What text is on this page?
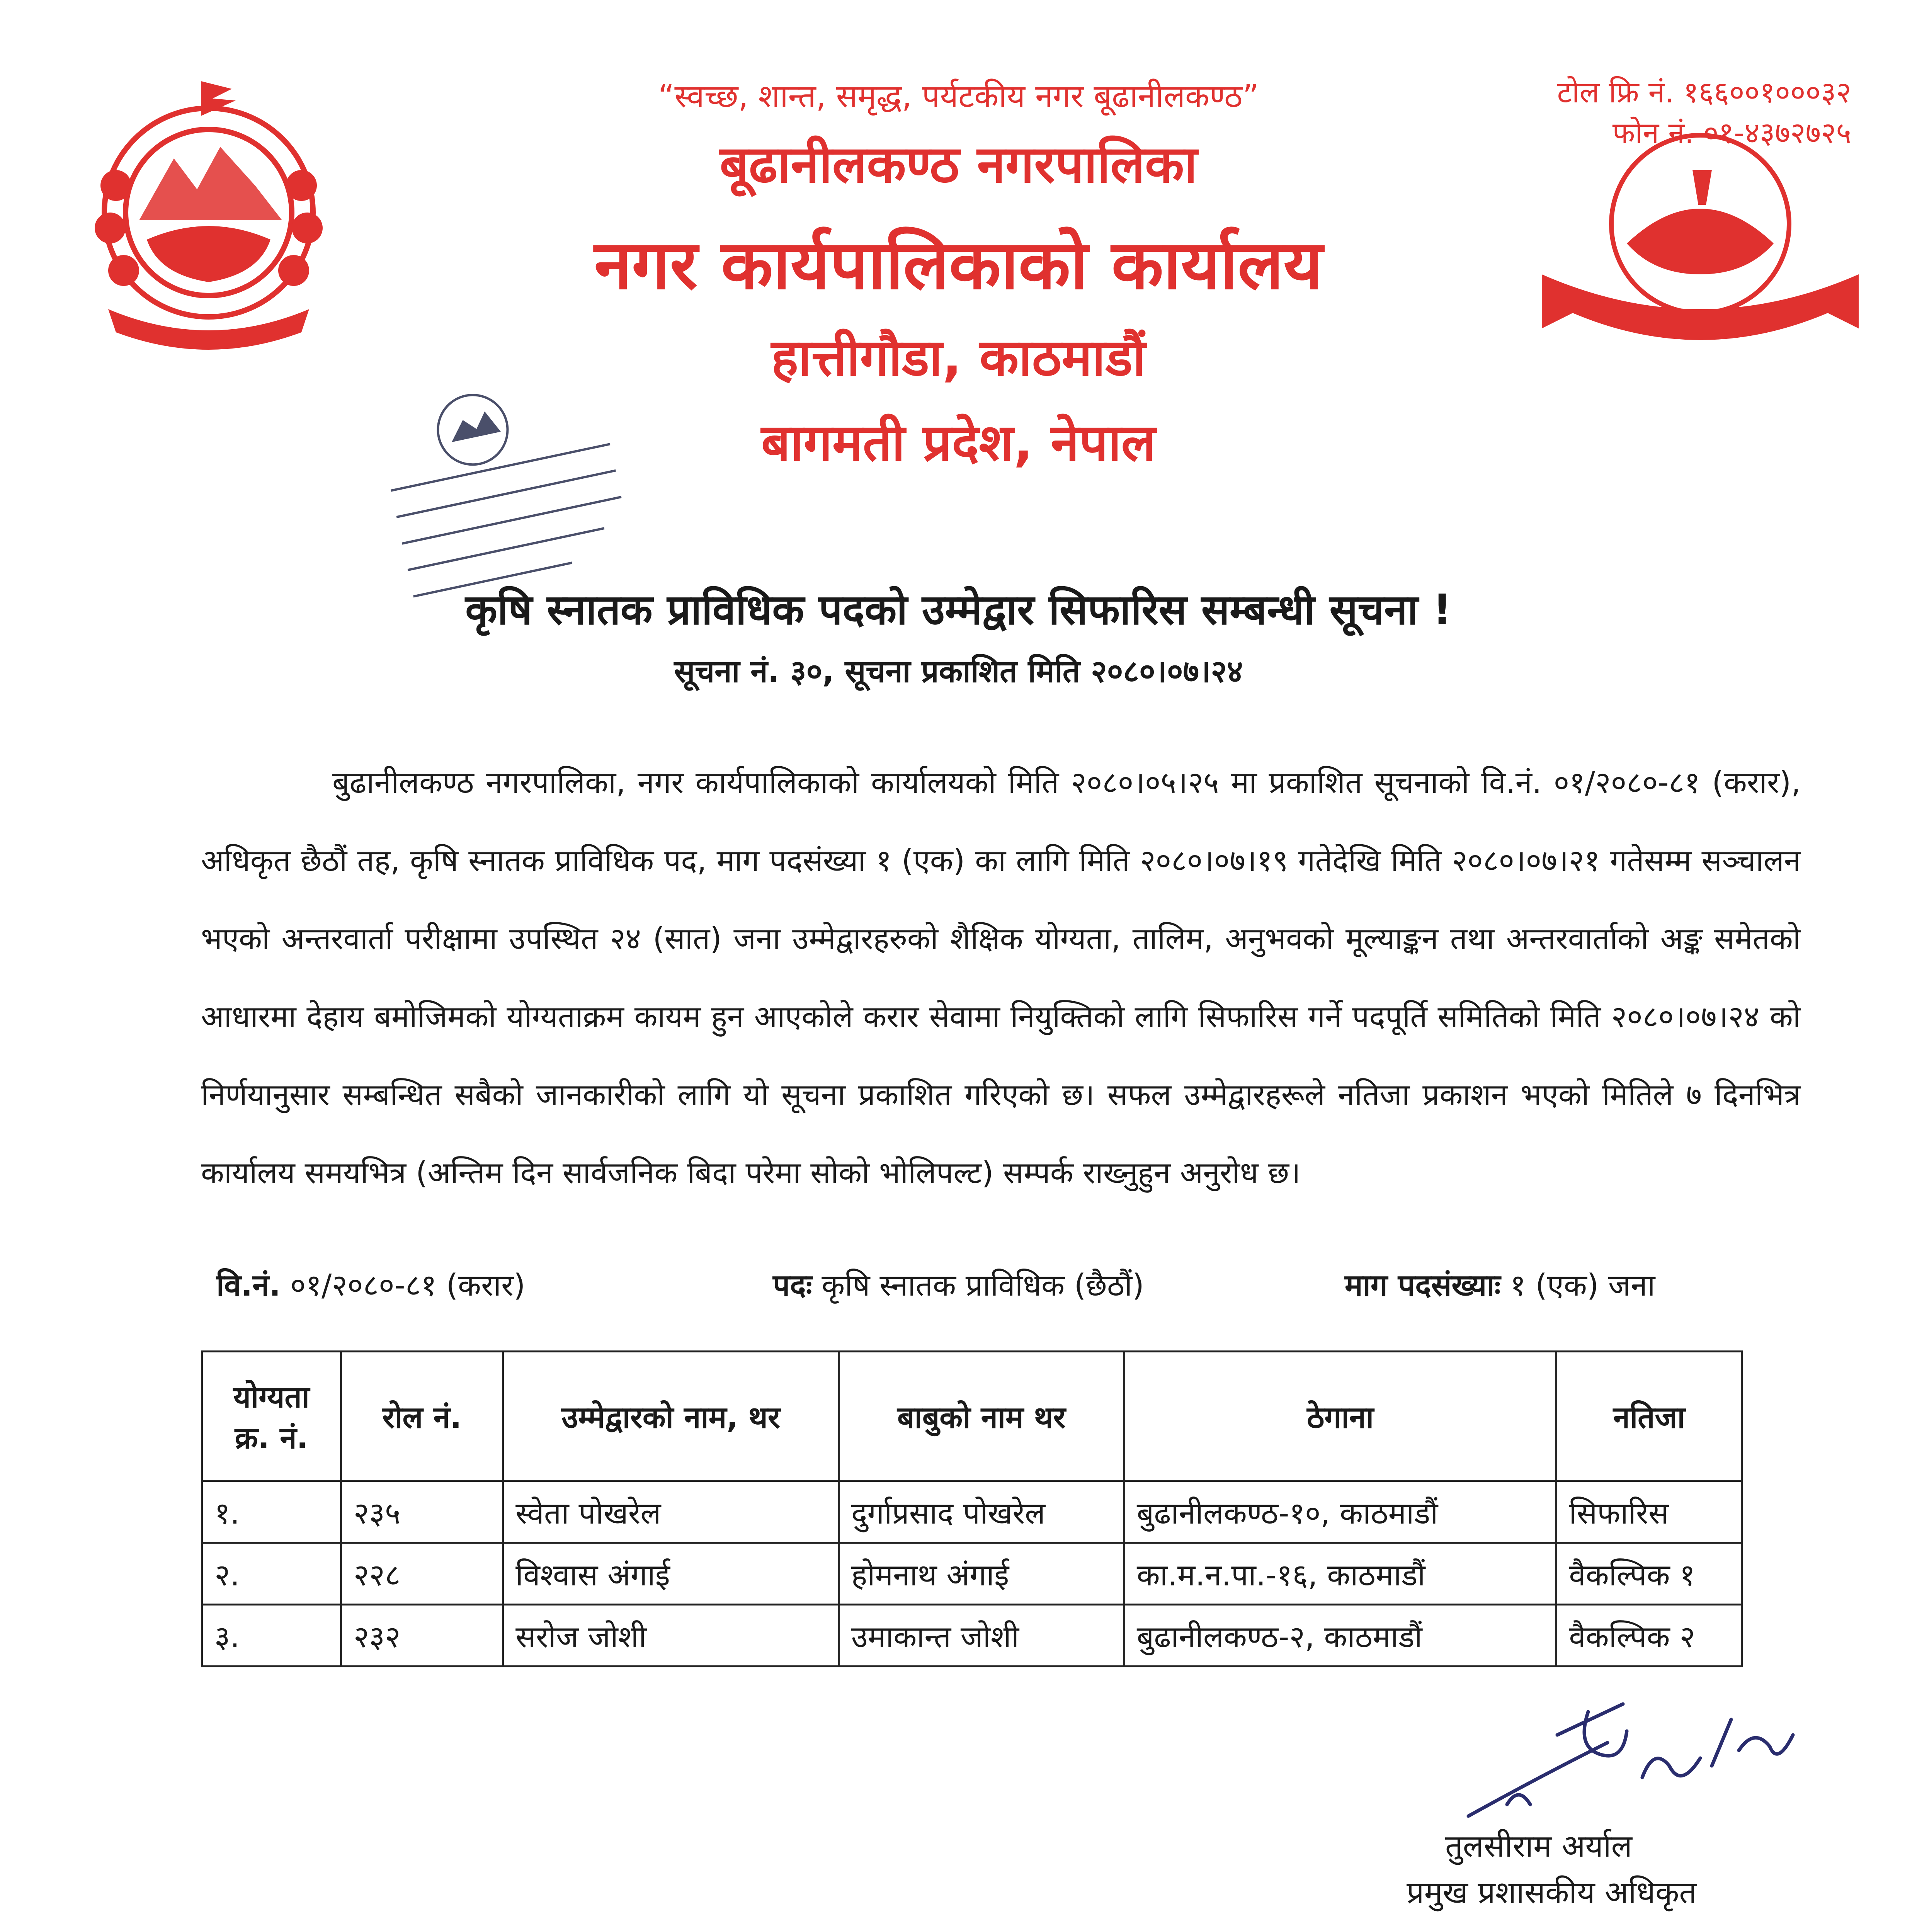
“स्वच्छ, शान्त, समृद्ध, पर्यटकीय नगर बूढानीलकण्ठ”
बूढानीलकण्ठ नगरपालिका
नगर कार्यपालिकाको कार्यालय
हात्तीगौडा, काठमाडौं
बागमती प्रदेश, नेपाल
टोल फ्रि नं. १६६००१०००३२
फोन नं. ०१-४३७२७२५
कृषि स्नातक प्राविधिक पदको उम्मेद्वार सिफारिस सम्बन्धी सूचना !
सूचना नं. ३०, सूचना प्रकाशित मिति २०८०।०७।२४
बुढानीलकण्ठ नगरपालिका, नगर कार्यपालिकाको कार्यालयको मिति २०८०।०५।२५ मा प्रकाशित सूचनाको वि.नं. ०१/२०८०-८१ (करार), अधिकृत छैठौं तह, कृषि स्नातक प्राविधिक पद, माग पदसंख्या १ (एक) का लागि मिति २०८०।०७।१९ गतेदेखि मिति २०८०।०७।२१ गतेसम्म सञ्चालन भएको अन्तरवार्ता परीक्षामा उपस्थित २४ (सात) जना उम्मेद्वारहरुको शैक्षिक योग्यता, तालिम, अनुभवको मूल्याङ्कन तथा अन्तरवार्ताको अङ्क समेतको आधारमा देहाय बमोजिमको योग्यताक्रम कायम हुन आएकोले करार सेवामा नियुक्तिको लागि सिफारिस गर्ने पदपूर्ति समितिको मिति २०८०।०७।२४ को निर्णयानुसार सम्बन्धित सबैको जानकारीको लागि यो सूचना प्रकाशित गरिएको छ। सफल उम्मेद्वारहरूले नतिजा प्रकाशन भएको मितिले ७ दिनभित्र कार्यालय समयभित्र (अन्तिम दिन सार्वजनिक बिदा परेमा सोको भोलिपल्ट) सम्पर्क राख्नुहुन अनुरोध छ।
वि.नं. ०१/२०८०-८१ (करार)	पदः कृषि स्नातक प्राविधिक (छैठौं)	माग पदसंख्याः १ (एक) जना
योग्यता क्र. नं.	रोल नं.	उम्मेद्वारको नाम, थर	बाबुको नाम थर	ठेगाना	नतिजा
१.	२३५	स्वेता पोखरेल	दुर्गाप्रसाद पोखरेल	बुढानीलकण्ठ-१०, काठमाडौं	सिफारिस
२.	२२८	विश्वास अंगाई	होमनाथ अंगाई	का.म.न.पा.-१६, काठमाडौं	वैकल्पिक १
३.	२३२	सरोज जोशी	उमाकान्त जोशी	बुढानीलकण्ठ-२, काठमाडौं	वैकल्पिक २
तुलसीराम अर्याल
प्रमुख प्रशासकीय अधिकृत
